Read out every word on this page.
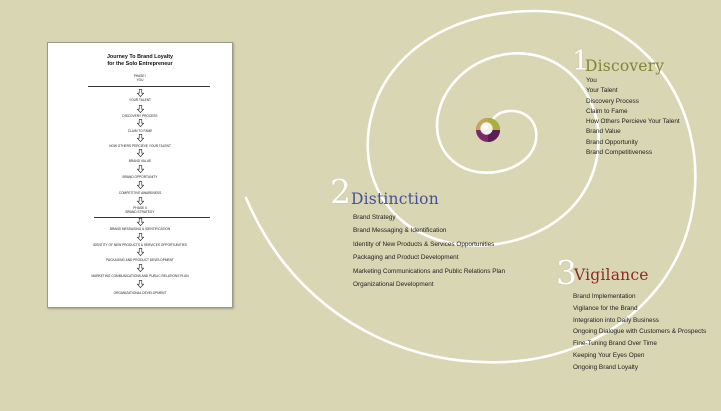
Journey To Brand Loyalty
for the Solo Entrepreneur
PHASE I
YOU
YOUR TALENT
DISCOVERY PROCESS
CLAIM TO FAME
HOW OTHERS PERCIEVE YOUR TALENT
BRAND VALUE
BRAND OPPORTUNITY
COMPETITIVE AWARENESS
PHASE II
BRAND STRATEGY
BRAND MESSAGING & IDENTIFICATION
IDENTITY OF NEW PRODUCTS & SERVICES OPPORTUNITIES
PACKAGING AND PRODUCT DEVELOPMENT
MARKETING COMMUNICATIONS AND PUBLIC RELATIONS PLAN
ORGANIZATIONAL DEVELOPMENT
1
Discovery
You
Your Talent
Discovery Process
Claim to Fame
How Others Percieve Your Talent
Brand Value
Brand Opportunity
Brand Competitiveness
2 Distinction
Brand Strategy
Brand Messaging & Identification
Identity of New Products & Services Opportunities
Packaging and Product Development
Marketing Communications and Public Relations Plan
Organizational Development	3
Vigilance
Brand Implementation
Vigilance for the Brand
Integration into Daily Business
Ongoing Dialogue with Customers & Prospects
Fine-Tuning Brand Over Time
Keeping Your Eyes Open
Ongoing Brand Loyalty
